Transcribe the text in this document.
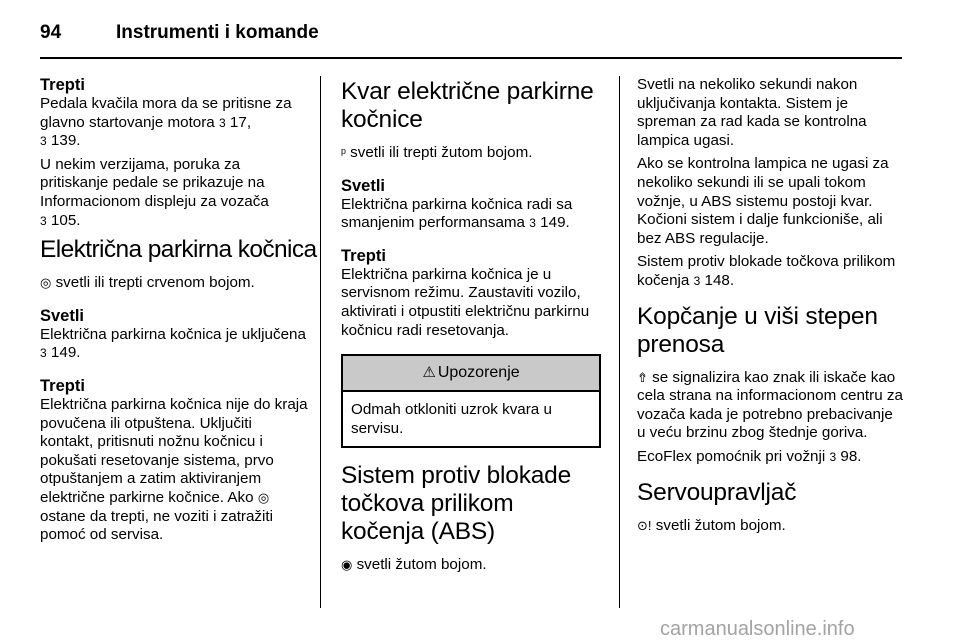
94	Instrumenti i komande
Trepti

Pedala kvačila mora da se pritisne za glavno startovanje motora 3 17,
3 139.

U nekim verzijama, poruka za pritiskanje pedale se prikazuje na Informacionom displeju za vozača
3 105.

Električna parkirna kočnica

◎ svetli ili trepti crvenom bojom.

Svetli

Električna parkirna kočnica je uključena 3 149.

Trepti

Električna parkirna kočnica nije do kraja povučena ili otpuštena. Uključiti kontakt, pritisnuti nožnu kočnicu i pokušati resetovanje sistema, prvo otpuštanjem a zatim aktiviranjem električne parkirne kočnice. Ako ◎ ostane da trepti, ne voziti i zatražiti pomoć od servisa.

Kvar električne parkirne kočnice

ᵖ svetli ili trepti žutom bojom.

Svetli

Električna parkirna kočnica radi sa smanjenim performansama 3 149.

Trepti

Električna parkirna kočnica je u servisnom režimu. Zaustaviti vozilo, aktivirati i otpustiti električnu parkirnu kočnicu radi resetovanja.

⚠ Upozorenje
Odmah otkloniti uzrok kvara u servisu.
Sistem protiv blokade točkova prilikom kočenja (ABS)

◉ svetli žutom bojom.

Svetli na nekoliko sekundi nakon uključivanja kontakta. Sistem je spreman za rad kada se kontrolna lampica ugasi.

Ako se kontrolna lampica ne ugasi za nekoliko sekundi ili se upali tokom vožnje, u ABS sistemu postoji kvar. Kočioni sistem i dalje funkcioniše, ali bez ABS regulacije.

Sistem protiv blokade točkova prilikom kočenja 3 148.

Kopčanje u viši stepen prenosa

⇮ se signalizira kao znak ili iskače kao cela strana na informacionom centru za vozača kada je potrebno prebacivanje u veću brzinu zbog štednje goriva.

EcoFlex pomoćnik pri vožnji 3 98.

Servoupravljač

⊙! svetli žutom bojom.

carmanualsonline.info
